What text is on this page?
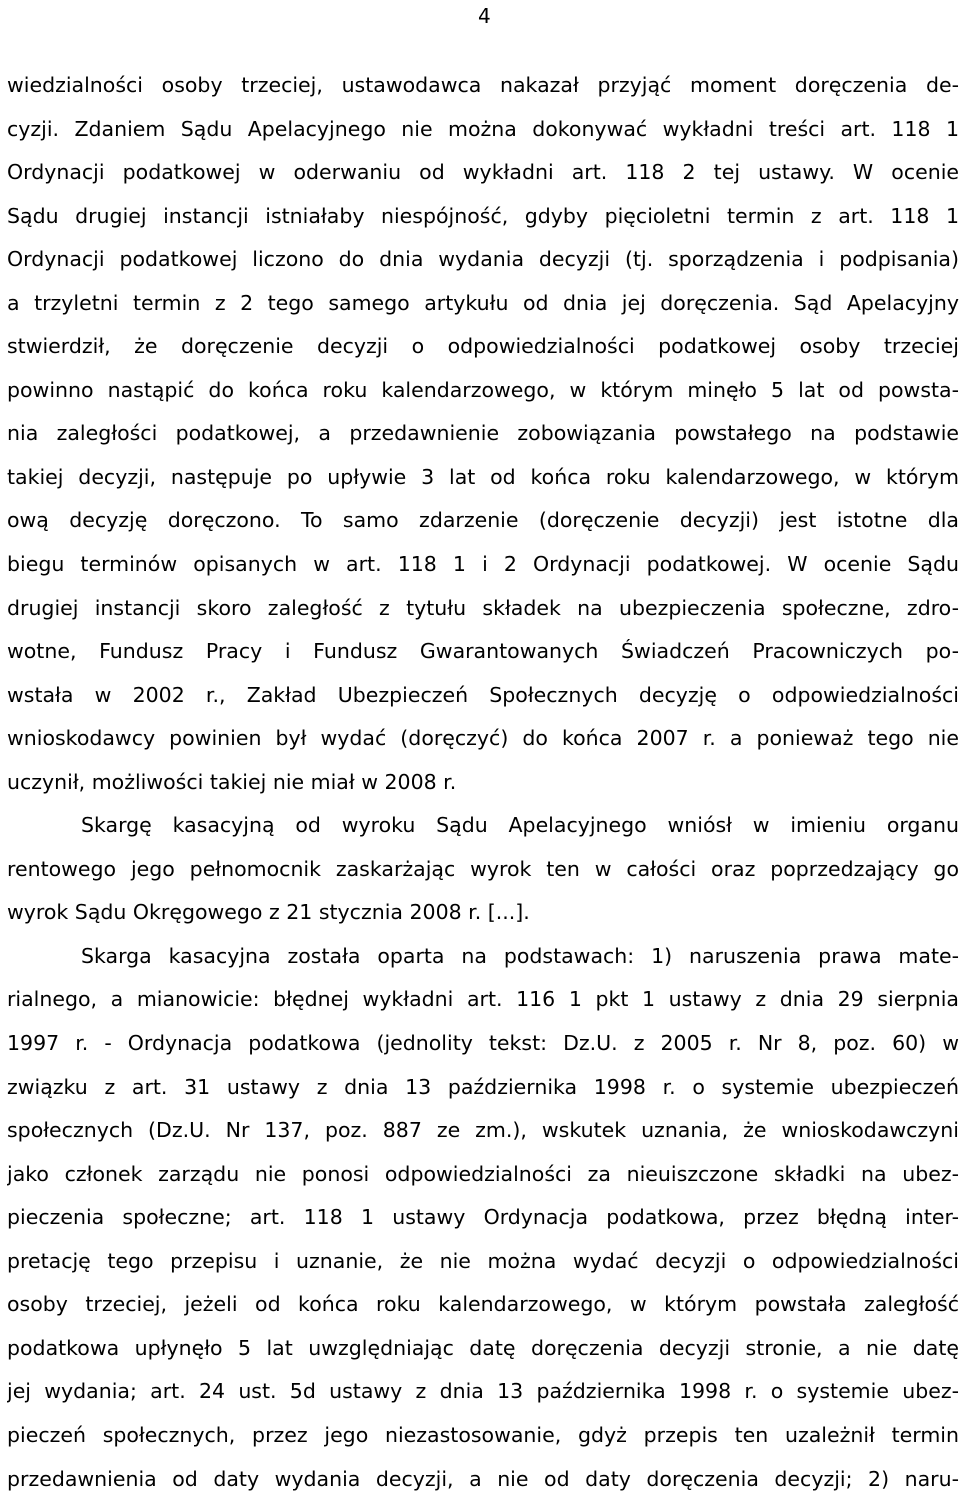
4
wiedzialności osoby trzeciej, ustawodawca nakazał przyjąć moment doręczenia de-
cyzji. Zdaniem Sądu Apelacyjnego nie można dokonywać wykładni treści art. 118 1
Ordynacji podatkowej w oderwaniu od wykładni art. 118 2 tej ustawy. W ocenie
Sądu drugiej instancji istniałaby niespójność, gdyby pięcioletni termin z art. 118 1
Ordynacji podatkowej liczono do dnia wydania decyzji (tj. sporządzenia i podpisania)
a trzyletni termin z 2 tego samego artykułu od dnia jej doręczenia. Sąd Apelacyjny
stwierdził, że doręczenie decyzji o odpowiedzialności podatkowej osoby trzeciej
powinno nastąpić do końca roku kalendarzowego, w którym minęło 5 lat od powsta-
nia zaległości podatkowej, a przedawnienie zobowiązania powstałego na podstawie
takiej decyzji, następuje po upływie 3 lat od końca roku kalendarzowego, w którym
ową decyzję doręczono. To samo zdarzenie (doręczenie decyzji) jest istotne dla
biegu terminów opisanych w art. 118 1 i 2 Ordynacji podatkowej. W ocenie Sądu
drugiej instancji skoro zaległość z tytułu składek na ubezpieczenia społeczne, zdro-
wotne, Fundusz Pracy i Fundusz Gwarantowanych Świadczeń Pracowniczych po-
wstała w 2002 r., Zakład Ubezpieczeń Społecznych decyzję o odpowiedzialności
wnioskodawcy powinien był wydać (doręczyć) do końca 2007 r. a ponieważ tego nie
uczynił, możliwości takiej nie miał w 2008 r.
Skargę kasacyjną od wyroku Sądu Apelacyjnego wniósł w imieniu organu
rentowego jego pełnomocnik zaskarżając wyrok ten w całości oraz poprzedzający go
wyrok Sądu Okręgowego z 21 stycznia 2008 r. [...].
Skarga kasacyjna została oparta na podstawach: 1) naruszenia prawa mate-
rialnego, a mianowicie: błędnej wykładni art. 116 1 pkt 1 ustawy z dnia 29 sierpnia
1997 r. - Ordynacja podatkowa (jednolity tekst: Dz.U. z 2005 r. Nr 8, poz. 60) w
związku z art. 31 ustawy z dnia 13 października 1998 r. o systemie ubezpieczeń
społecznych (Dz.U. Nr 137, poz. 887 ze zm.), wskutek uznania, że wnioskodawczyni
jako członek zarządu nie ponosi odpowiedzialności za nieuiszczone składki na ubez-
pieczenia społeczne; art. 118 1 ustawy Ordynacja podatkowa, przez błędną inter-
pretację tego przepisu i uznanie, że nie można wydać decyzji o odpowiedzialności
osoby trzeciej, jeżeli od końca roku kalendarzowego, w którym powstała zaległość
podatkowa upłynęło 5 lat uwzględniając datę doręczenia decyzji stronie, a nie datę
jej wydania; art. 24 ust. 5d ustawy z dnia 13 października 1998 r. o systemie ubez-
pieczeń społecznych, przez jego niezastosowanie, gdyż przepis ten uzależnił termin
przedawnienia od daty wydania decyzji, a nie od daty doręczenia decyzji; 2) naru-
